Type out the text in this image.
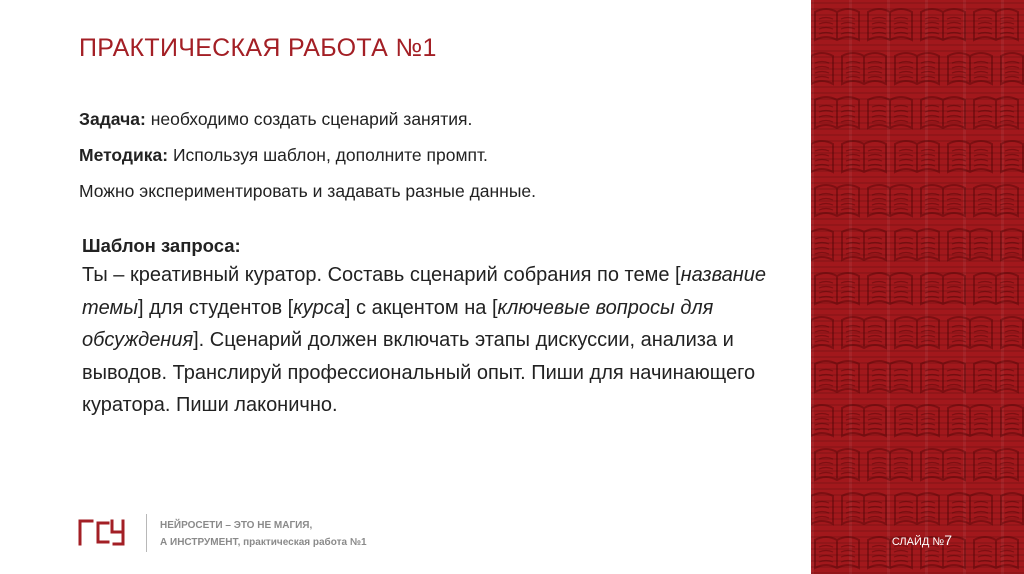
ПРАКТИЧЕСКАЯ РАБОТА №1
Задача: необходимо создать сценарий занятия.
Методика: Используя шаблон, дополните промпт.
Можно экспериментировать и задавать разные данные.
Шаблон запроса:
Ты – креативный куратор. Составь сценарий собрания по теме [название темы] для студентов [курса] с акцентом на [ключевые вопросы для обсуждения]. Сценарий должен включать этапы дискуссии, анализа и выводов. Транслируй профессиональный опыт. Пиши для начинающего куратора. Пиши лаконично.
НЕЙРОСЕТИ – ЭТО НЕ МАГИЯ,
А ИНСТРУМЕНТ, практическая работа №1	СЛАЙД №7
